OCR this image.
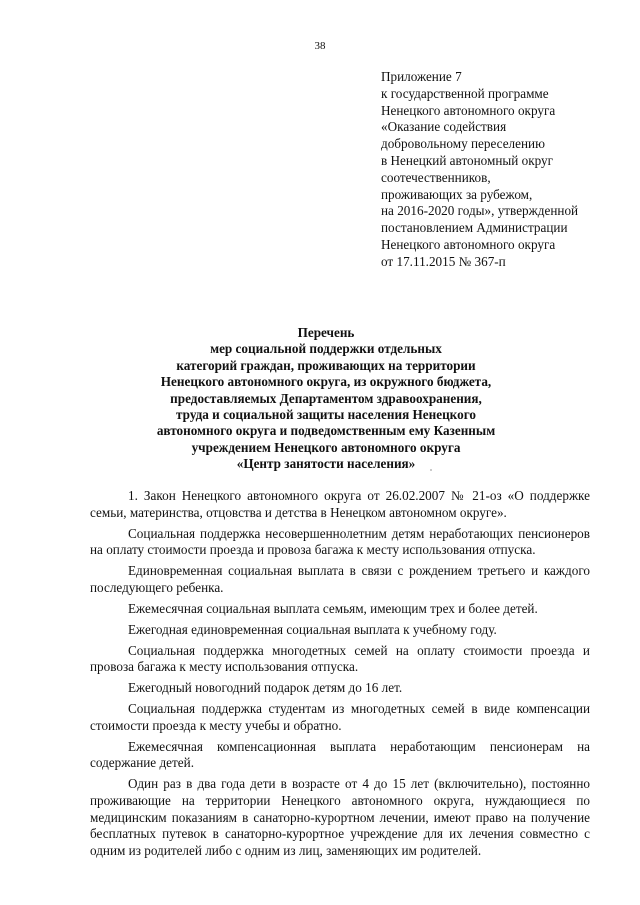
38
Приложение 7
к государственной программе
Ненецкого автономного округа
«Оказание содействия
добровольному переселению
в Ненецкий автономный округ
соотечественников,
проживающих за рубежом,
на 2016-2020 годы», утвержденной
постановлением Администрации
Ненецкого автономного округа
от 17.11.2015 № 367-п
Перечень
мер социальной поддержки отдельных
категорий граждан, проживающих на территории
Ненецкого автономного округа, из окружного бюджета,
предоставляемых Департаментом здравоохранения,
труда и социальной защиты населения Ненецкого
автономного округа и подведомственным ему Казенным
учреждением Ненецкого автономного округа
«Центр занятости населения»

1. Закон Ненецкого автономного округа от 26.02.2007 № 21-оз «О поддержке семьи, материнства, отцовства и детства в Ненецком автономном округе».

Социальная поддержка несовершеннолетним детям неработающих пенсионеров на оплату стоимости проезда и провоза багажа к месту использования отпуска.

Единовременная социальная выплата в связи с рождением третьего и каждого последующего ребенка.

Ежемесячная социальная выплата семьям, имеющим трех и более детей.

Ежегодная единовременная социальная выплата к учебному году.

Социальная поддержка многодетных семей на оплату стоимости проезда и провоза багажа к месту использования отпуска.

Ежегодный новогодний подарок детям до 16 лет.

Социальная поддержка студентам из многодетных семей в виде компенсации стоимости проезда к месту учебы и обратно.

Ежемесячная компенсационная выплата неработающим пенсионерам на содержание детей.

Один раз в два года дети в возрасте от 4 до 15 лет (включительно), постоянно проживающие на территории Ненецкого автономного округа, нуждающиеся по медицинским показаниям в санаторно-курортном лечении, имеют право на получение бесплатных путевок в санаторно-курортное учреждение для их лечения совместно с одним из родителей либо с одним из лиц, заменяющих им родителей.
